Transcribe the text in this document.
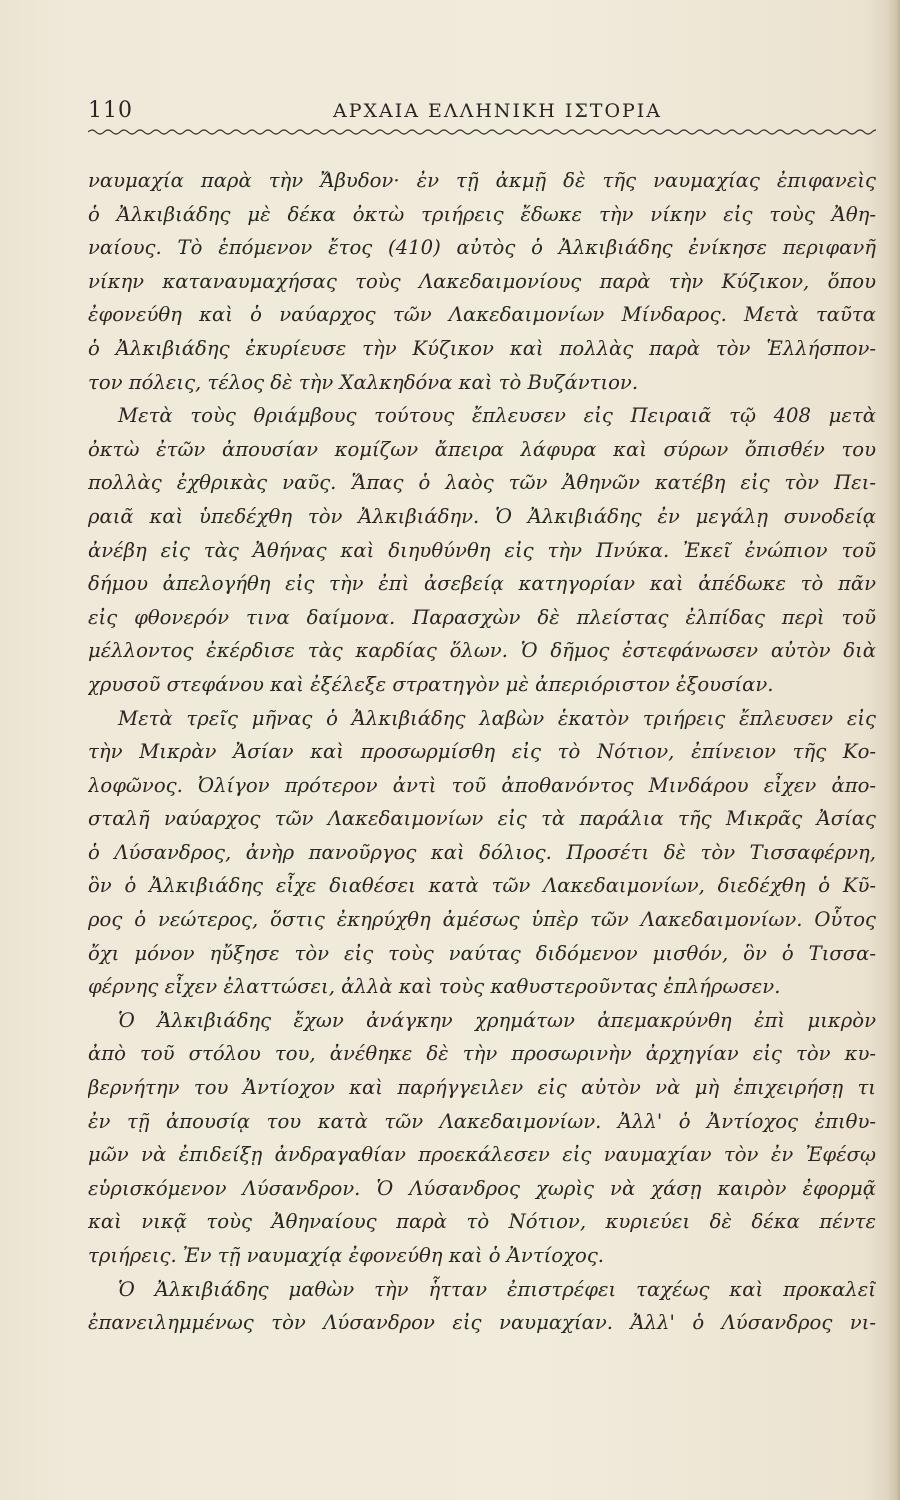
110	ΑΡΧΑΙΑ ΕΛΛΗΝΙΚΗ ΙΣΤΟΡΙΑ
ναυμαχία παρὰ τὴν Ἄβυδον· ἐν τῇ ἀκμῇ δὲ τῆς ναυμαχίας ἐπιφανεὶς
ὁ Ἀλκιβιάδης μὲ δέκα ὀκτὼ τριήρεις ἔδωκε τὴν νίκην εἰς τοὺς Ἀθη-
ναίους. Τὸ ἑπόμενον ἔτος (410) αὐτὸς ὁ Ἀλκιβιάδης ἐνίκησε περιφανῆ
νίκην καταναυμαχήσας τοὺς Λακεδαιμονίους παρὰ τὴν Κύζικον, ὅπου
ἐφονεύθη καὶ ὁ ναύαρχος τῶν Λακεδαιμονίων Μίνδαρος. Μετὰ ταῦτα
ὁ Ἀλκιβιάδης ἐκυρίευσε τὴν Κύζικον καὶ πολλὰς παρὰ τὸν Ἑλλήσπον-
τον πόλεις, τέλος δὲ τὴν Χαλκηδόνα καὶ τὸ Βυζάντιον.
Μετὰ τοὺς θριάμβους τούτους ἔπλευσεν εἰς Πειραιᾶ τῷ 408 μετὰ
ὀκτὼ ἐτῶν ἀπουσίαν κομίζων ἄπειρα λάφυρα καὶ σύρων ὄπισθέν του
πολλὰς ἐχθρικὰς ναῦς. Ἅπας ὁ λαὸς τῶν Ἀθηνῶν κατέβη εἰς τὸν Πει-
ραιᾶ καὶ ὑπεδέχθη τὸν Ἀλκιβιάδην. Ὁ Ἀλκιβιάδης ἐν μεγάλῃ συνοδείᾳ
ἀνέβη εἰς τὰς Ἀθήνας καὶ διηυθύνθη εἰς τὴν Πνύκα. Ἐκεῖ ἐνώπιον τοῦ
δήμου ἀπελογήθη εἰς τὴν ἐπὶ ἀσεβείᾳ κατηγορίαν καὶ ἀπέδωκε τὸ πᾶν
εἰς φθονερόν τινα δαίμονα. Παρασχὼν δὲ πλείστας ἐλπίδας περὶ τοῦ
μέλλοντος ἐκέρδισε τὰς καρδίας ὅλων. Ὁ δῆμος ἐστεφάνωσεν αὐτὸν διὰ
χρυσοῦ στεφάνου καὶ ἐξέλεξε στρατηγὸν μὲ ἀπεριόριστον ἐξουσίαν.
Μετὰ τρεῖς μῆνας ὁ Ἀλκιβιάδης λαβὼν ἑκατὸν τριήρεις ἔπλευσεν εἰς
τὴν Μικρὰν Ἀσίαν καὶ προσωρμίσθη εἰς τὸ Νότιον, ἐπίνειον τῆς Κο-
λοφῶνος. Ὀλίγον πρότερον ἀντὶ τοῦ ἀποθανόντος Μινδάρου εἶχεν ἀπο-
σταλῆ ναύαρχος τῶν Λακεδαιμονίων εἰς τὰ παράλια τῆς Μικρᾶς Ἀσίας
ὁ Λύσανδρος, ἀνὴρ πανοῦργος καὶ δόλιος. Προσέτι δὲ τὸν Τισσαφέρνη,
ὃν ὁ Ἀλκιβιάδης εἶχε διαθέσει κατὰ τῶν Λακεδαιμονίων, διεδέχθη ὁ Κῦ-
ρος ὁ νεώτερος, ὅστις ἐκηρύχθη ἀμέσως ὑπὲρ τῶν Λακεδαιμονίων. Οὗτος
ὄχι μόνον ηὔξησε τὸν εἰς τοὺς ναύτας διδόμενον μισθόν, ὃν ὁ Τισσα-
φέρνης εἶχεν ἐλαττώσει, ἀλλὰ καὶ τοὺς καθυστεροῦντας ἐπλήρωσεν.
Ὁ Ἀλκιβιάδης ἔχων ἀνάγκην χρημάτων ἀπεμακρύνθη ἐπὶ μικρὸν
ἀπὸ τοῦ στόλου του, ἀνέθηκε δὲ τὴν προσωρινὴν ἀρχηγίαν εἰς τὸν κυ-
βερνήτην του Ἀντίοχον καὶ παρήγγειλεν εἰς αὐτὸν νὰ μὴ ἐπιχειρήσῃ τι
ἐν τῇ ἀπουσίᾳ του κατὰ τῶν Λακεδαιμονίων. Ἀλλ' ὁ Ἀντίοχος ἐπιθυ-
μῶν νὰ ἐπιδείξῃ ἀνδραγαθίαν προεκάλεσεν εἰς ναυμαχίαν τὸν ἐν Ἐφέσῳ
εὑρισκόμενον Λύσανδρον. Ὁ Λύσανδρος χωρὶς νὰ χάσῃ καιρὸν ἐφορμᾷ
καὶ νικᾷ τοὺς Ἀθηναίους παρὰ τὸ Νότιον, κυριεύει δὲ δέκα πέντε
τριήρεις. Ἐν τῇ ναυμαχίᾳ ἐφονεύθη καὶ ὁ Ἀντίοχος.
Ὁ Ἀλκιβιάδης μαθὼν τὴν ἧτταν ἐπιστρέφει ταχέως καὶ προκαλεῖ
ἐπανειλημμένως τὸν Λύσανδρον εἰς ναυμαχίαν. Ἀλλ' ὁ Λύσανδρος νι-
